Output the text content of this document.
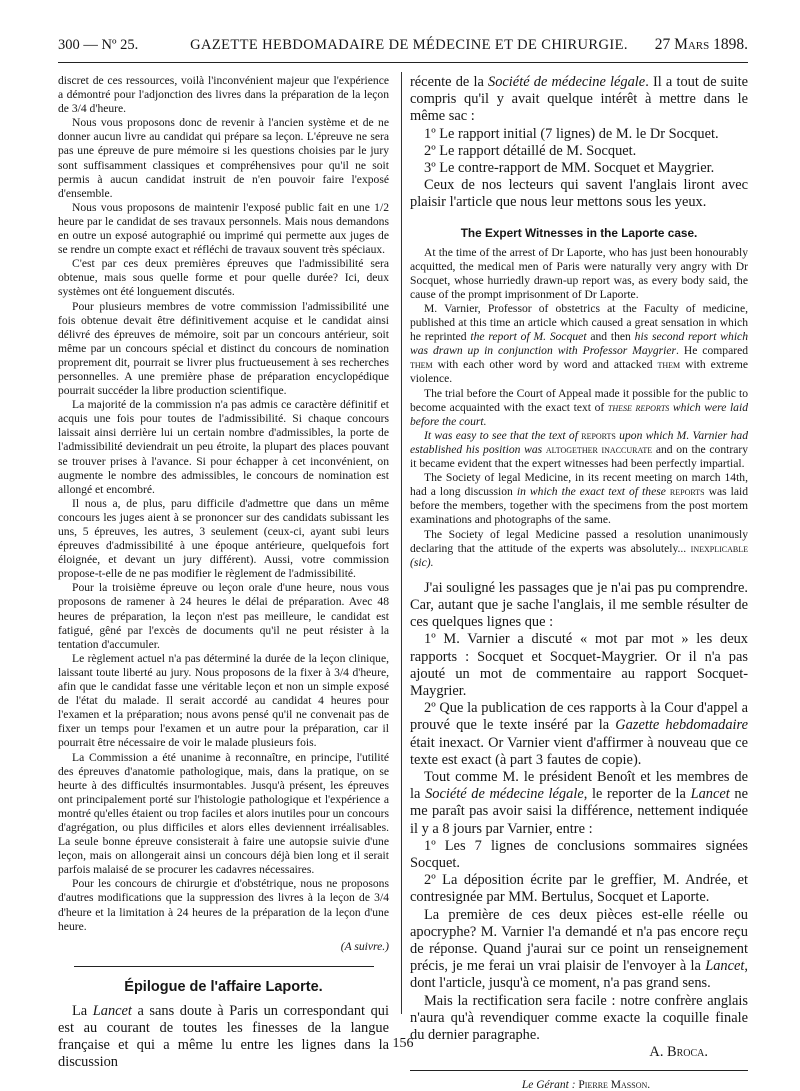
300 — Nº 25.	GAZETTE HEBDOMADAIRE DE MÉDECINE ET DE CHIRURGIE. 27 Mars 1898.

discret de ces ressources, voilà l'inconvénient majeur que l'expérience a démontré pour l'adjonction des livres dans la préparation de la leçon de 3/4 d'heure.

Nous vous proposons donc de revenir à l'ancien système et de ne donner aucun livre au candidat qui prépare sa leçon. L'épreuve ne sera pas une épreuve de pure mémoire si les questions choisies par le jury sont suffisamment classiques et compréhensives pour qu'il ne soit permis à aucun candidat instruit de n'en pouvoir faire l'exposé d'ensemble.

Nous vous proposons de maintenir l'exposé public fait en une 1/2 heure par le candidat de ses travaux personnels. Mais nous demandons en outre un exposé autographié ou imprimé qui permette aux juges de se rendre un compte exact et réfléchi de travaux souvent très spéciaux.

C'est par ces deux premières épreuves que l'admissibilité sera obtenue, mais sous quelle forme et pour quelle durée? Ici, deux systèmes ont été longuement discutés.

Pour plusieurs membres de votre commission l'admissibilité une fois obtenue devait être définitivement acquise et le candidat ainsi délivré des épreuves de mémoire, soit par un concours antérieur, soit même par un concours spécial et distinct du concours de nomination proprement dit, pourrait se livrer plus fructueusement à ses recherches personnelles. A une première phase de préparation encyclopédique pourrait succéder la libre production scientifique.

La majorité de la commission n'a pas admis ce caractère définitif et acquis une fois pour toutes de l'admissibilité. Si chaque concours laissait ainsi derrière lui un certain nombre d'admissibles, la porte de l'admissibilité deviendrait un peu étroite, la plupart des places pouvant se trouver prises à l'avance. Si pour échapper à cet inconvénient, on augmente le nombre des admissibles, le concours de nomination est allongé et encombré.

Il nous a, de plus, paru difficile d'admettre que dans un même concours les juges aient à se prononcer sur des candidats subissant les uns, 5 épreuves, les autres, 3 seulement (ceux-ci, ayant subi leurs épreuves d'admissibilité à une époque antérieure, quelquefois fort éloignée, et devant un jury différent). Aussi, votre commission propose-t-elle de ne pas modifier le règlement de l'admissibilité.

Pour la troisième épreuve ou leçon orale d'une heure, nous vous proposons de ramener à 24 heures le délai de préparation. Avec 48 heures de préparation, la leçon n'est pas meilleure, le candidat est fatigué, gêné par l'excès de documents qu'il ne peut résister à la tentation d'accumuler.

Le règlement actuel n'a pas déterminé la durée de la leçon clinique, laissant toute liberté au jury. Nous proposons de la fixer à 3/4 d'heure, afin que le candidat fasse une véritable leçon et non un simple exposé de l'état du malade. Il serait accordé au candidat 4 heures pour l'examen et la préparation; nous avons pensé qu'il ne convenait pas de fixer un temps pour l'examen et un autre pour la préparation, car il pourrait être nécessaire de voir le malade plusieurs fois.

La Commission a été unanime à reconnaître, en principe, l'utilité des épreuves d'anatomie pathologique, mais, dans la pratique, on se heurte à des difficultés insurmontables. Jusqu'à présent, les épreuves ont principalement porté sur l'histologie pathologique et l'expérience a montré qu'elles étaient ou trop faciles et alors inutiles pour un concours d'agrégation, ou plus difficiles et alors elles deviennent irréalisables. La seule bonne épreuve consisterait à faire une autopsie suivie d'une leçon, mais on allongerait ainsi un concours déjà bien long et il serait parfois malaisé de se procurer les cadavres nécessaires.

Pour les concours de chirurgie et d'obstétrique, nous ne proposons d'autres modifications que la suppression des livres à la leçon de 3/4 d'heure et la limitation à 24 heures de la préparation de la leçon d'une heure.

(A suivre.)

Épilogue de l'affaire Laporte.

La Lancet a sans doute à Paris un correspondant qui est au courant de toutes les finesses de la langue française et qui a même lu entre les lignes dans la discussion

récente de la Société de médecine légale. Il a tout de suite compris qu'il y avait quelque intérêt à mettre dans le même sac :

1º Le rapport initial (7 lignes) de M. le Dr Socquet.

2º Le rapport détaillé de M. Socquet.

3º Le contre-rapport de MM. Socquet et Maygrier.

Ceux de nos lecteurs qui savent l'anglais liront avec plaisir l'article que nous leur mettons sous les yeux.

The Expert Witnesses in the Laporte case.

At the time of the arrest of Dr Laporte, who has just been honourably acquitted, the medical men of Paris were naturally very angry with Dr Socquet, whose hurriedly drawn-up report was, as every body said, the cause of the prompt imprisonment of Dr Laporte.

M. Varnier, Professor of obstetrics at the Faculty of medicine, published at this time an article which caused a great sensation in which he reprinted the report of M. Socquet and then his second report which was drawn up in conjunction with Professor Maygrier. He compared them with each other word by word and attacked them with extreme violence.

The trial before the Court of Appeal made it possible for the public to become acquainted with the exact text of these reports which were laid before the court.

It was easy to see that the text of reports upon which M. Varnier had established his position was altogether inaccurate and on the contrary it became evident that the expert witnesses had been perfectly impartial.

The Society of legal Medicine, in its recent meeting on march 14th, had a long discussion in which the exact text of these reports was laid before the members, together with the specimens from the post mortem examinations and photographs of the same.

The Society of legal Medicine passed a resolution unanimously declaring that the attitude of the experts was absolutely... inexplicable (sic).

J'ai souligné les passages que je n'ai pas pu comprendre. Car, autant que je sache l'anglais, il me semble résulter de ces quelques lignes que :

1º M. Varnier a discuté « mot par mot » les deux rapports : Socquet et Socquet-Maygrier. Or il n'a pas ajouté un mot de commentaire au rapport Socquet-Maygrier.

2º Que la publication de ces rapports à la Cour d'appel a prouvé que le texte inséré par la Gazette hebdomadaire était inexact. Or Varnier vient d'affirmer à nouveau que ce texte est exact (à part 3 fautes de copie).

Tout comme M. le président Benoît et les membres de la Société de médecine légale, le reporter de la Lancet ne me paraît pas avoir saisi la différence, nettement indiquée il y a 8 jours par Varnier, entre :

1º Les 7 lignes de conclusions sommaires signées Socquet.

2º La déposition écrite par le greffier, M. Andrée, et contresignée par MM. Bertulus, Socquet et Laporte.

La première de ces deux pièces est-elle réelle ou apocryphe? M. Varnier l'a demandé et n'a pas encore reçu de réponse. Quand j'aurai sur ce point un renseignement précis, je me ferai un vrai plaisir de l'envoyer à la Lancet, dont l'article, jusqu'à ce moment, n'a pas grand sens.

Mais la rectification sera facile : notre confrère anglais n'aura qu'à revendiquer comme exacte la coquille finale du dernier paragraphe.

A. Broca.

Le Gérant : Pierre Masson.

156
